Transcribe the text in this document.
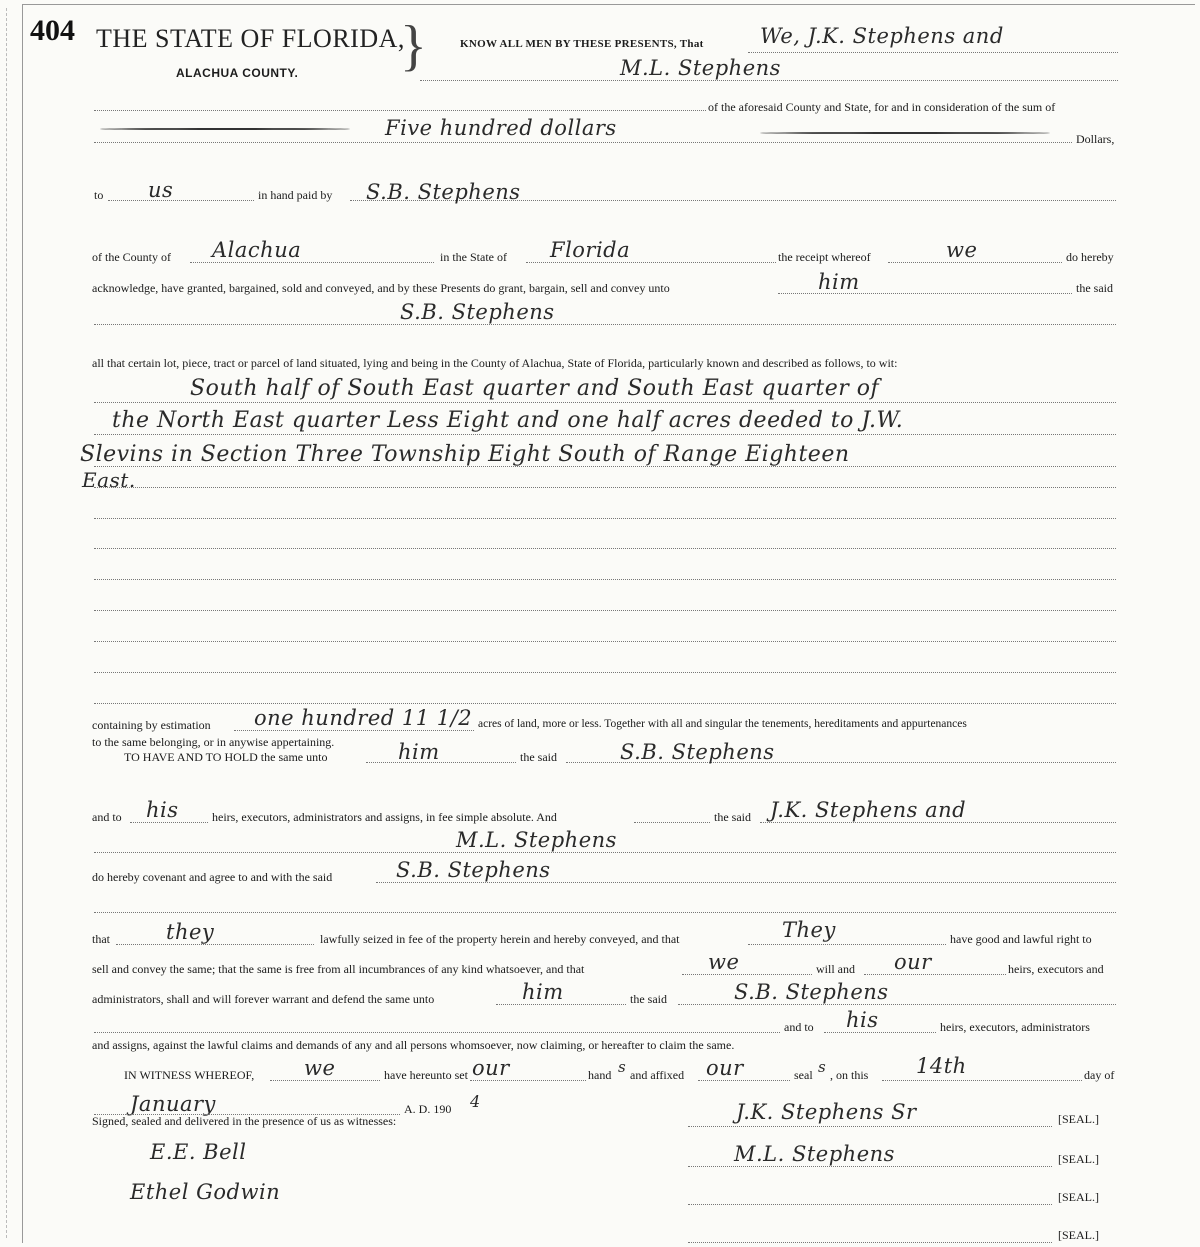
404 THE STATE OF FLORIDA,
ALACHUA COUNTY. }	KNOW ALL MEN BY THESE PRESENTS, That	We, J.K. Stephens and
M.L. Stephens
of the aforesaid County and State, for and in consideration of the sum of
Five hundred dollars	Dollars,
to us	in hand paid by S.B. Stephens
of the County of Alachua	in the State of Florida	the receipt whereof	we	do hereby
acknowledge, have granted, bargained, sold and conveyed, and by these Presents do grant, bargain, sell and convey unto	him	the said
S.B. Stephens
all that certain lot, piece, tract or parcel of land situated, lying and being in the County of Alachua, State of Florida, particularly known and described as follows, to wit:
South half of South East quarter and South East quarter of
the North East quarter Less Eight and one half acres deeded to J.W.
Slevins in Section Three Township Eight South of Range Eighteen
East.
containing by estimation one hundred 11 1/2 acres of land, more or less. Together with all and singular the tenements, hereditaments and appurtenances
to the same belonging, or in anywise appertaining.
TO HAVE AND TO HOLD the same unto	him	the said	S.B. Stephens
and to his	heirs, executors, administrators and assigns, in fee simple absolute. And	the said J.K. Stephens and
M.L. Stephens
do hereby covenant and agree to and with the said	S.B. Stephens
that	they	lawfully seized in fee of the property herein and hereby conveyed, and that	They	have good and lawful right to
sell and convey the same; that the same is free from all incumbrances of any kind whatsoever, and that	we	will and our	heirs, executors and
administrators, shall and will forever warrant and defend the same unto	him	the said	S.B. Stephens
and to his	heirs, executors, administrators
and assigns, against the lawful claims and demands of any and all persons whomsoever, now claiming, or hereafter to claim the same.
IN WITNESS WHEREOF, we	have hereunto set our	hand s and affixed our	seal s , on this 14th	day of
January	A. D. 190 4
Signed, sealed and delivered in the presence of us as witnesses:
E.E. Bell
Ethel Godwin
J.K. Stephens Sr	[SEAL.]
M.L. Stephens	[SEAL.]
[SEAL.]
[SEAL.]
